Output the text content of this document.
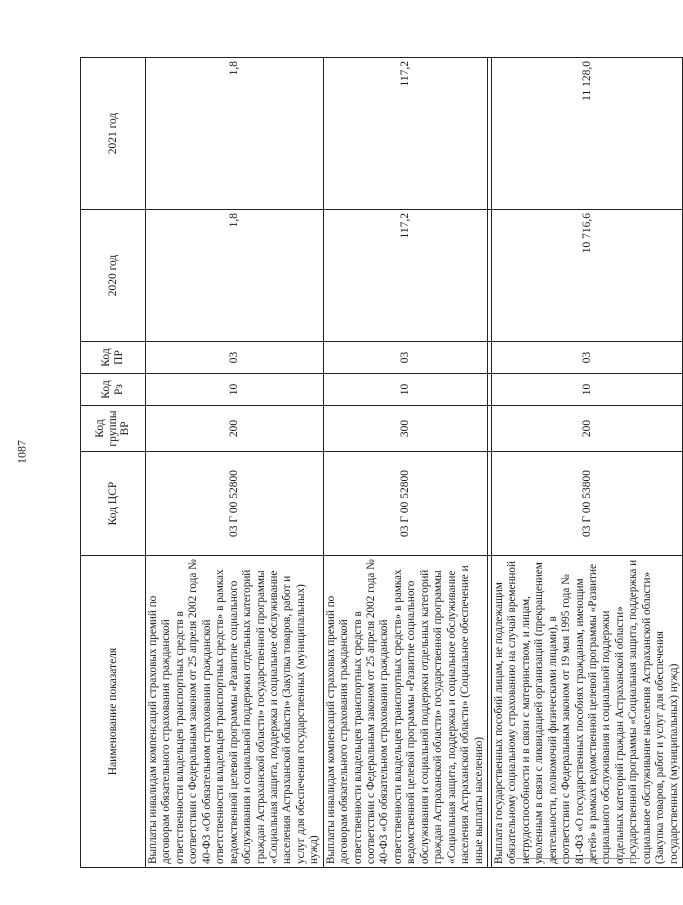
1087
Наименование показателя	Код ЦСР	Код группы ВР	Код Рз	Код ПР	2020 год	2021 год
Выплаты инвалидам компенсаций страховых премий по договорам обязательного страхования гражданской ответственности владельцев транспортных средств в соответствии с Федеральным законом от 25 апреля 2002 года № 40-ФЗ «Об обязательном страховании гражданской ответственности владельцев транспортных средств» в рамках ведомственной целевой программы «Развитие социального обслуживания и социальной поддержки отдельных категорий граждан Астраханской области» государственной программы «Социальная защита, поддержка и социальное обслуживание населения Астраханской области» (Закупка товаров, работ и услуг для обеспечения государственных (муниципальных) нужд)	03 Г 00 52800	200	10	03	1,8	1,8
Выплаты инвалидам компенсаций страховых премий по договорам обязательного страхования гражданской ответственности владельцев транспортных средств в соответствии с Федеральным законом от 25 апреля 2002 года № 40-ФЗ «Об обязательном страховании гражданской ответственности владельцев транспортных средств» в рамках ведомственной целевой программы «Развитие социального обслуживания и социальной поддержки отдельных категорий граждан Астраханской области» государственной программы «Социальная защита, поддержка и социальное обслуживание населения Астраханской области» (Социальное обеспечение и иные выплаты населению)	03 Г 00 52800	300	10	03	117,2	117,2

Выплата государственных пособий лицам, не подлежащим обязательному социальному страхованию на случай временной нетрудоспособности и в связи с материнством, и лицам, уволенным в связи с ликвидацией организаций (прекращением деятельности, полномочий физическими лицами), в соответствии с Федеральным законом от 19 мая 1995 года № 81-ФЗ «О государственных пособиях гражданам, имеющим детей» в рамках ведомственной целевой программы «Развитие социального обслуживания и социальной поддержки отдельных категорий граждан Астраханской области» государственной программы «Социальная защита, поддержка и социальное обслуживание населения Астраханской области» (Закупка товаров, работ и услуг для обеспечения государственных (муниципальных) нужд)	03 Г 00 53800	200	10	03	10 716,6	11 128,0
